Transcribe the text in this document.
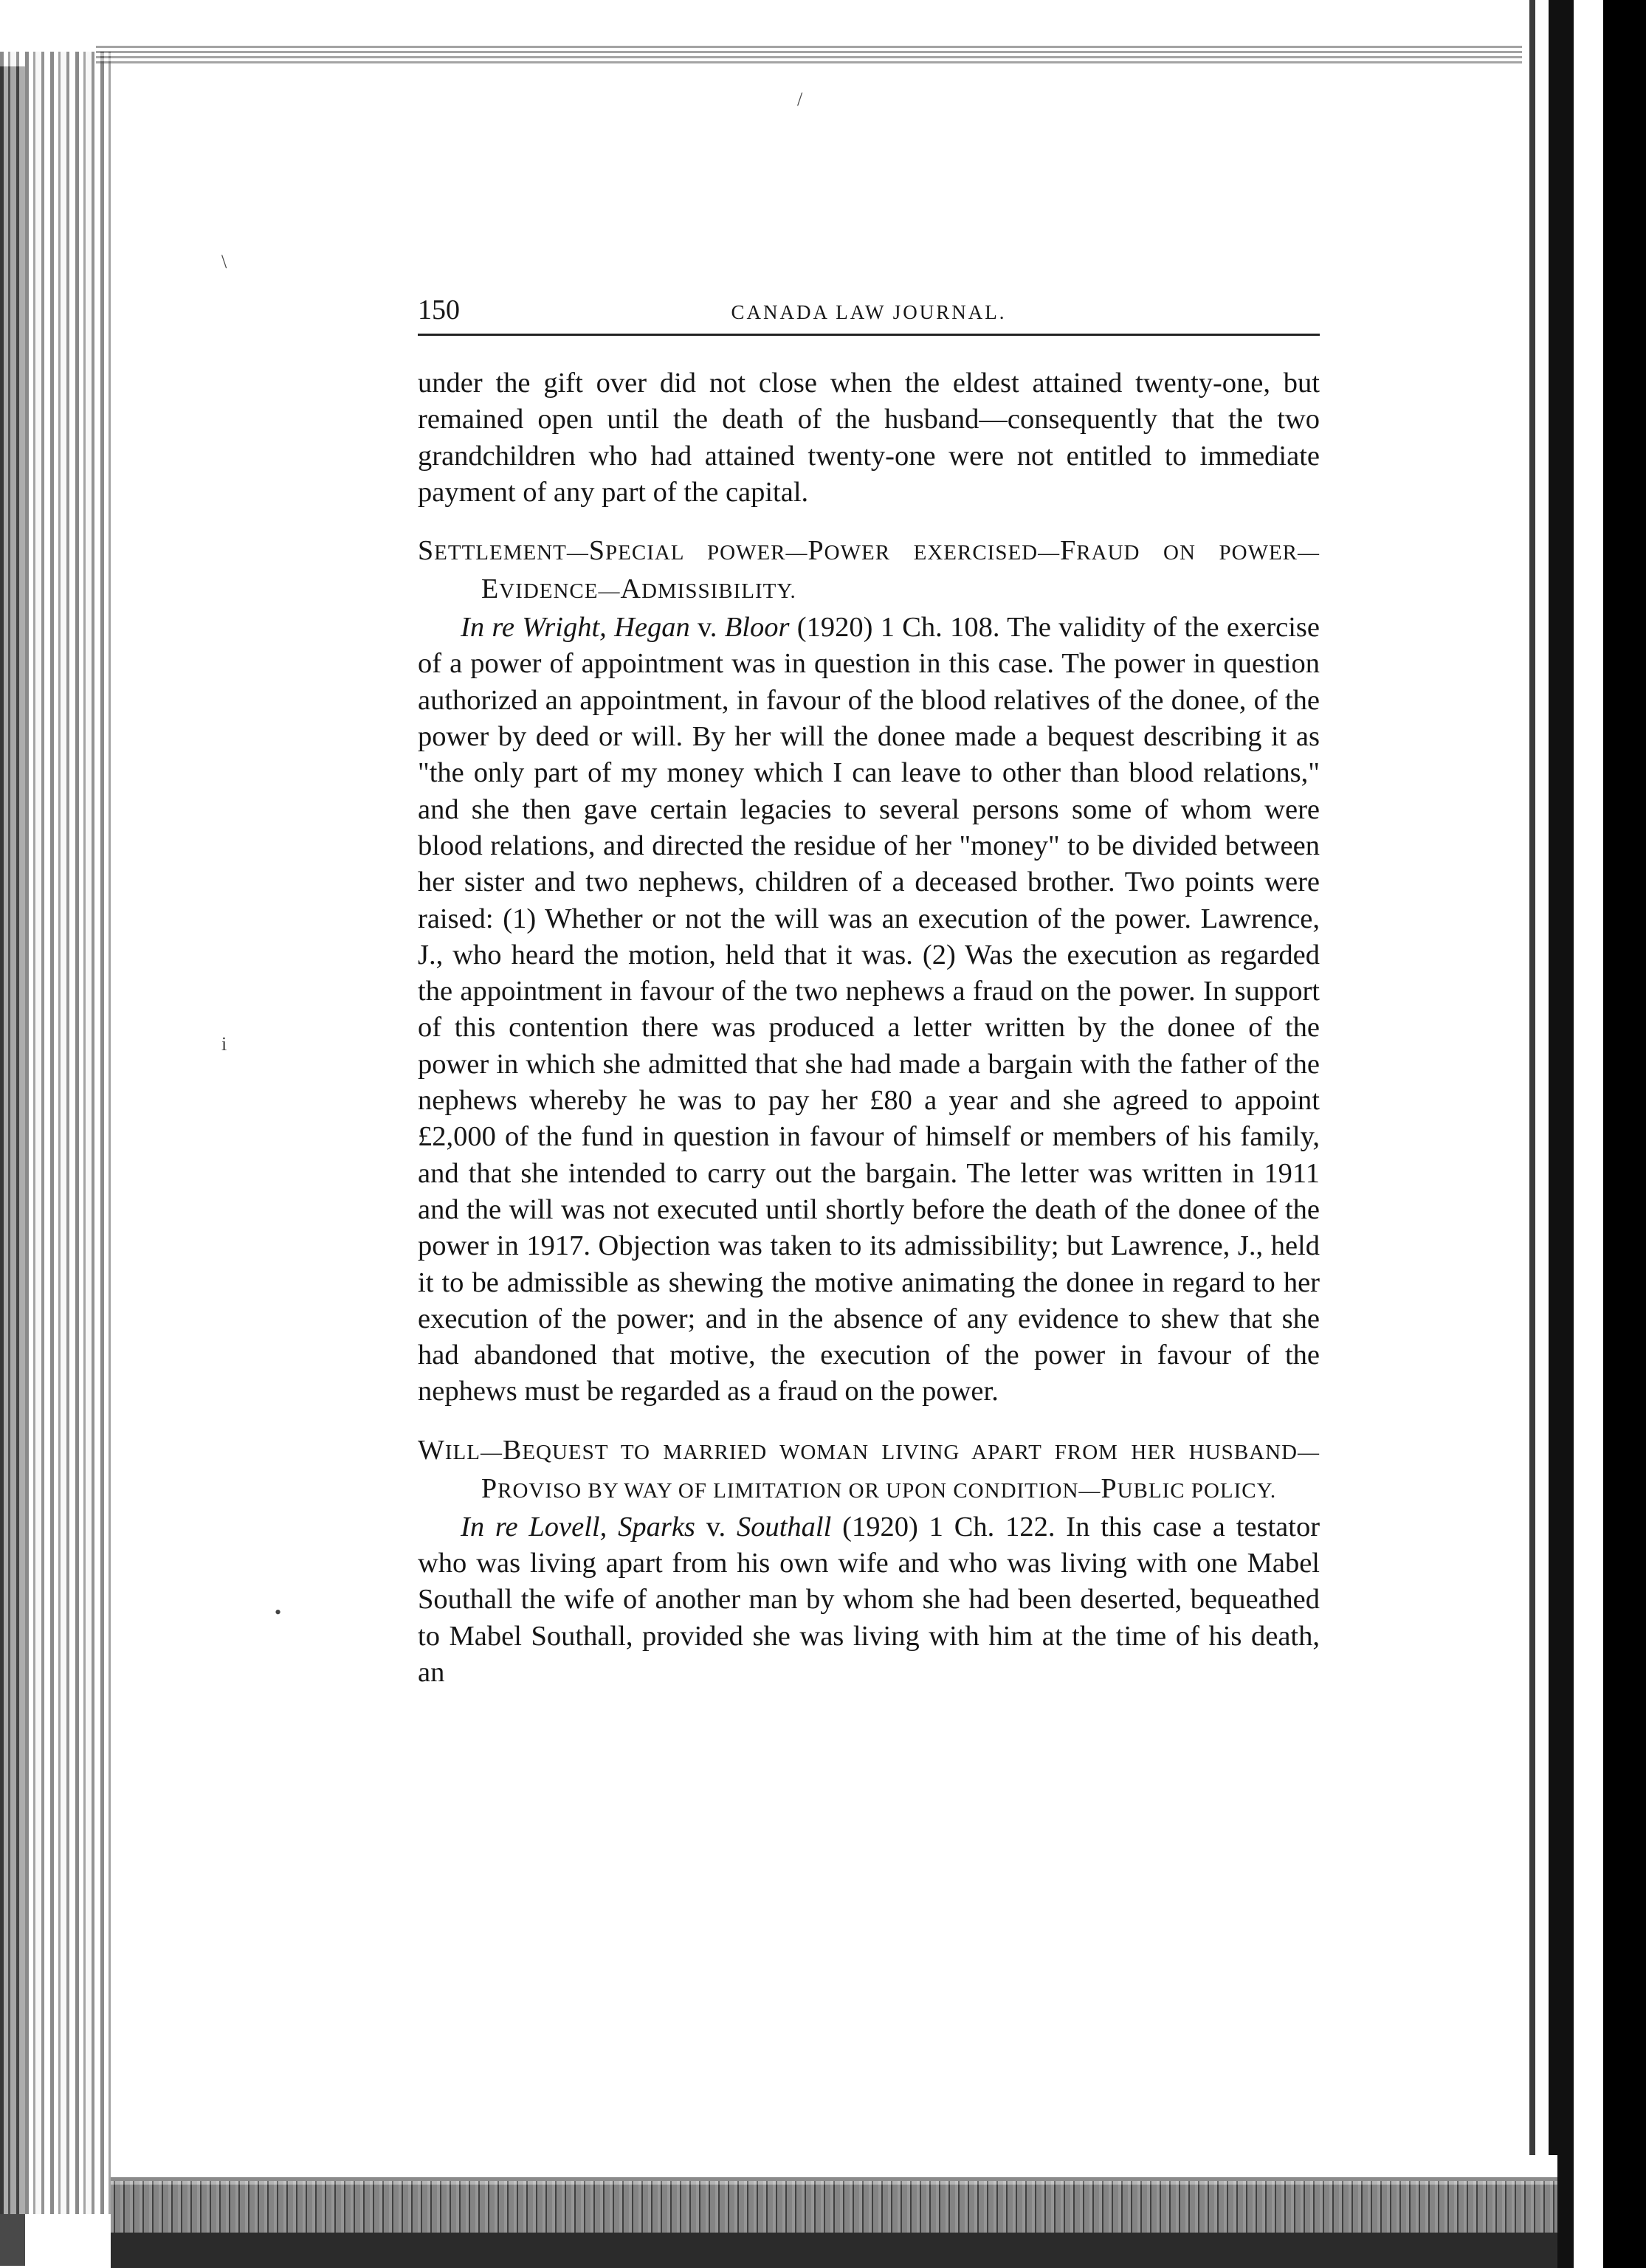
/
\
i
•
150	CANADA LAW JOURNAL.

under the gift over did not close when the eldest attained twenty-one, but remained open until the death of the husband—consequently that the two grandchildren who had attained twenty-one were not entitled to immediate payment of any part of the capital.

SETTLEMENT—SPECIAL POWER—POWER EXERCISED—FRAUD ON POWER—EVIDENCE—ADMISSIBILITY.

In re Wright, Hegan v. Bloor (1920) 1 Ch. 108. The validity of the exercise of a power of appointment was in question in this case. The power in question authorized an appointment, in favour of the blood relatives of the donee, of the power by deed or will. By her will the donee made a bequest describing it as "the only part of my money which I can leave to other than blood relations," and she then gave certain legacies to several persons some of whom were blood relations, and directed the residue of her "money" to be divided between her sister and two nephews, children of a deceased brother. Two points were raised: (1) Whether or not the will was an execution of the power. Lawrence, J., who heard the motion, held that it was. (2) Was the execution as regarded the appointment in favour of the two nephews a fraud on the power. In support of this contention there was produced a letter written by the donee of the power in which she admitted that she had made a bargain with the father of the nephews whereby he was to pay her £80 a year and she agreed to appoint £2,000 of the fund in question in favour of himself or members of his family, and that she intended to carry out the bargain. The letter was written in 1911 and the will was not executed until shortly before the death of the donee of the power in 1917. Objection was taken to its admissibility; but Lawrence, J., held it to be admissible as shewing the motive animating the donee in regard to her execution of the power; and in the absence of any evidence to shew that she had abandoned that motive, the execution of the power in favour of the nephews must be regarded as a fraud on the power.

WILL—BEQUEST TO MARRIED WOMAN LIVING APART FROM HER HUSBAND—PROVISO BY WAY OF LIMITATION OR UPON CONDITION—PUBLIC POLICY.

In re Lovell, Sparks v. Southall (1920) 1 Ch. 122. In this case a testator who was living apart from his own wife and who was living with one Mabel Southall the wife of another man by whom she had been deserted, bequeathed to Mabel Southall, provided she was living with him at the time of his death, an
